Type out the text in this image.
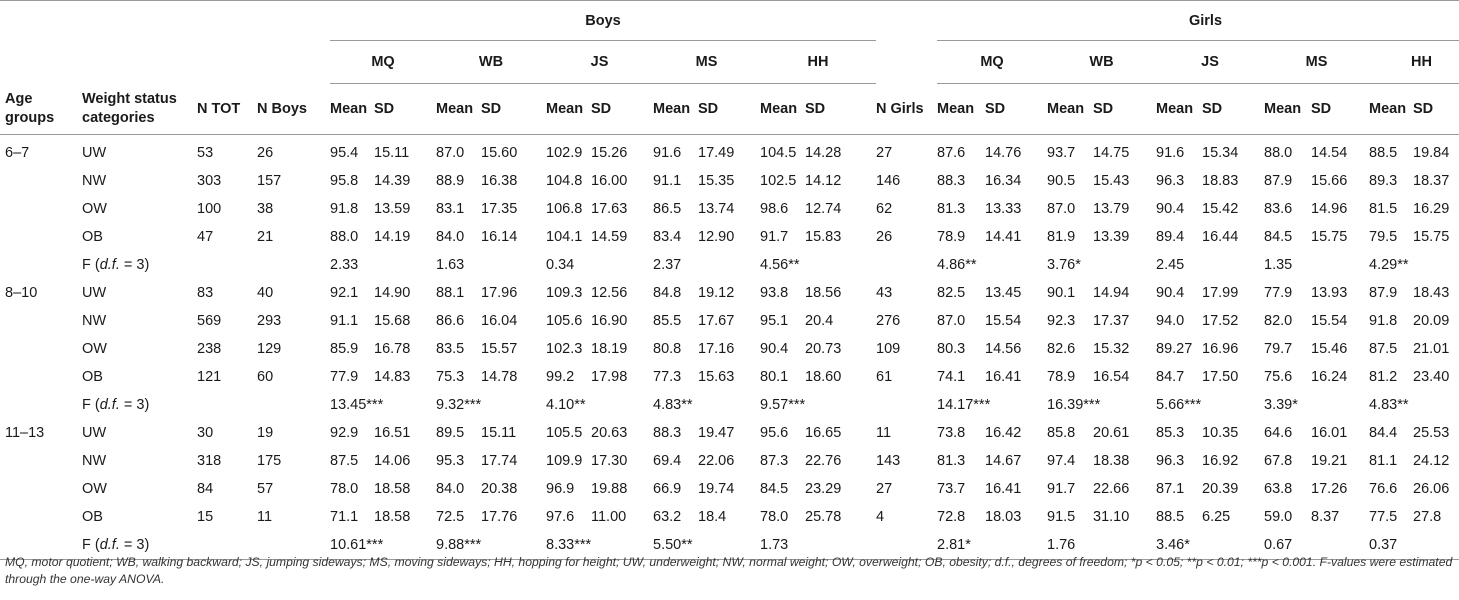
				Boys											Girls									
				MQ		WB		JS		MS		HH			MQ		WB		JS		MS		HH	
Age groups	Weight status categories	N TOT	N Boys	Mean	SD	Mean	SD	Mean	SD	Mean	SD	Mean	SD	N Girls	Mean	SD	Mean	SD	Mean	SD	Mean	SD	Mean	SD
6–7	UW	53	26	95.4	15.11	87.0	15.60	102.9	15.26	91.6	17.49	104.5	14.28	27	87.6	14.76	93.7	14.75	91.6	15.34	88.0	14.54	88.5	19.84
	NW	303	157	95.8	14.39	88.9	16.38	104.8	16.00	91.1	15.35	102.5	14.12	146	88.3	16.34	90.5	15.43	96.3	18.83	87.9	15.66	89.3	18.37
	OW	100	38	91.8	13.59	83.1	17.35	106.8	17.63	86.5	13.74	98.6	12.74	62	81.3	13.33	87.0	13.79	90.4	15.42	83.6	14.96	81.5	16.29
	OB	47	21	88.0	14.19	84.0	16.14	104.1	14.59	83.4	12.90	91.7	15.83	26	78.9	14.41	81.9	13.39	89.4	16.44	84.5	15.75	79.5	15.75
	F (d.f. = 3)			2.33		1.63		0.34		2.37		4.56**			4.86**		3.76*		2.45		1.35		4.29**	
8–10	UW	83	40	92.1	14.90	88.1	17.96	109.3	12.56	84.8	19.12	93.8	18.56	43	82.5	13.45	90.1	14.94	90.4	17.99	77.9	13.93	87.9	18.43
	NW	569	293	91.1	15.68	86.6	16.04	105.6	16.90	85.5	17.67	95.1	20.4	276	87.0	15.54	92.3	17.37	94.0	17.52	82.0	15.54	91.8	20.09
	OW	238	129	85.9	16.78	83.5	15.57	102.3	18.19	80.8	17.16	90.4	20.73	109	80.3	14.56	82.6	15.32	89.27	16.96	79.7	15.46	87.5	21.01
	OB	121	60	77.9	14.83	75.3	14.78	99.2	17.98	77.3	15.63	80.1	18.60	61	74.1	16.41	78.9	16.54	84.7	17.50	75.6	16.24	81.2	23.40
	F (d.f. = 3)			13.45***		9.32***		4.10**		4.83**		9.57***			14.17***		16.39***		5.66***		3.39*		4.83**	
11–13	UW	30	19	92.9	16.51	89.5	15.11	105.5	20.63	88.3	19.47	95.6	16.65	11	73.8	16.42	85.8	20.61	85.3	10.35	64.6	16.01	84.4	25.53
	NW	318	175	87.5	14.06	95.3	17.74	109.9	17.30	69.4	22.06	87.3	22.76	143	81.3	14.67	97.4	18.38	96.3	16.92	67.8	19.21	81.1	24.12
	OW	84	57	78.0	18.58	84.0	20.38	96.9	19.88	66.9	19.74	84.5	23.29	27	73.7	16.41	91.7	22.66	87.1	20.39	63.8	17.26	76.6	26.06
	OB	15	11	71.1	18.58	72.5	17.76	97.6	11.00	63.2	18.4	78.0	25.78	4	72.8	18.03	91.5	31.10	88.5	6.25	59.0	8.37	77.5	27.8
	F (d.f. = 3)			10.61***		9.88***		8.33***		5.50**		1.73			2.81*		1.76		3.46*		0.67		0.37	

MQ, motor quotient; WB, walking backward; JS, jumping sideways; MS, moving sideways; HH, hopping for height; UW, underweight; NW, normal weight; OW, overweight; OB, obesity; d.f., degrees of freedom; *p < 0.05; **p < 0.01; ***p < 0.001. F-values were estimated through the one-way ANOVA.
